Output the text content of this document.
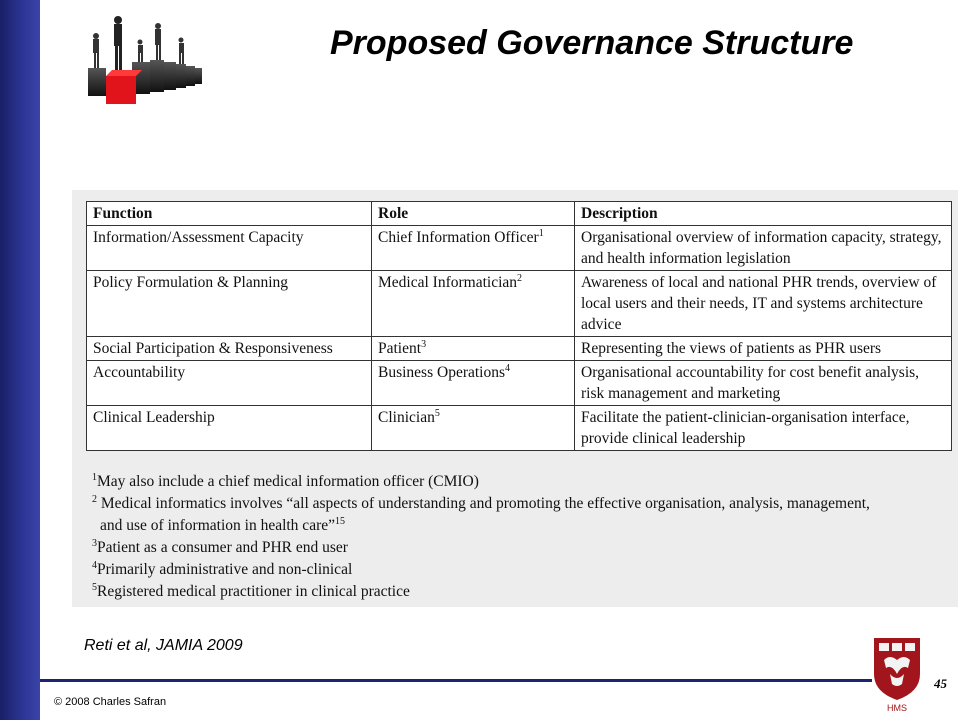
Proposed Governance Structure
Function	Role	Description
Information/Assessment Capacity	Chief Information Officer$^1$	Organisational overview of information capacity, strategy, and health information legislation
Policy Formulation & Planning	Medical Informatician$^2$	Awareness of local and national PHR trends, overview of local users and their needs, IT and systems architecture advice
Social Participation & Responsiveness	Patient$^3$	Representing the views of patients as PHR users
Accountability	Business Operations$^4$	Organisational accountability for cost benefit analysis, risk management and marketing
Clinical Leadership	Clinician$^5$	Facilitate the patient-clinician-organisation interface, provide clinical leadership
$^1$May also include a chief medical information officer (CMIO)
$^2$ Medical informatics involves “all aspects of understanding and promoting the effective organisation, analysis, management,
and use of information in health care”$^{15}$
$^3$Patient as a consumer and PHR end user
$^4$Primarily administrative and non-clinical
$^5$Registered medical practitioner in clinical practice
Reti et al, JAMIA 2009
© 2008 Charles Safran	HMS
45
